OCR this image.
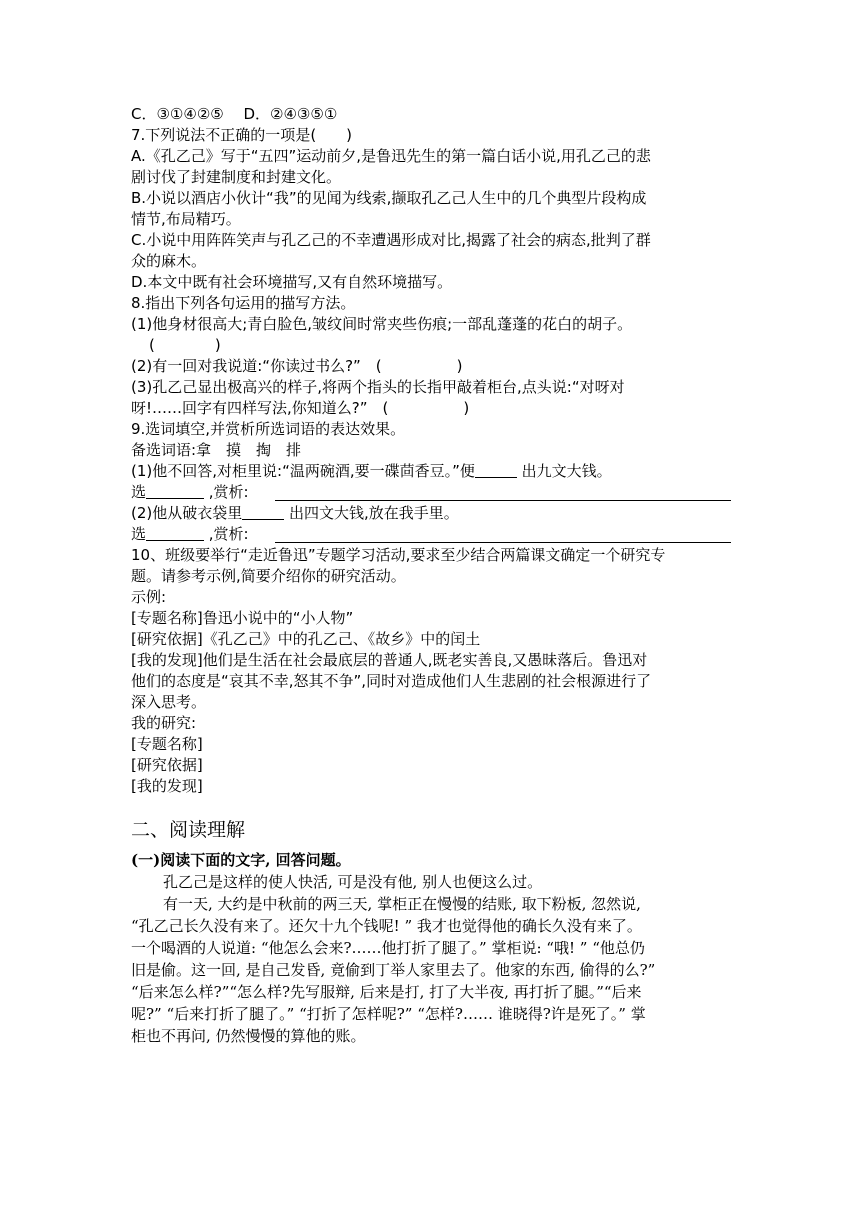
C．③①④②⑤　 D．②④③⑤①
7.下列说法不正确的一项是(　　)
A.《孔乙己》写于“五四”运动前夕,是鲁迅先生的第一篇白话小说,用孔乙己的悲
剧讨伐了封建制度和封建文化。
B.小说以酒店小伙计“我”的见闻为线索,撷取孔乙己人生中的几个典型片段构成
情节,布局精巧。
C.小说中用阵阵笑声与孔乙己的不幸遭遇形成对比,揭露了社会的病态,批判了群
众的麻木。
D.本文中既有社会环境描写,又有自然环境描写。
8.指出下列各句运用的描写方法。
(1)他身材很高大;青白脸色,皱纹间时常夹些伤痕;一部乱蓬蓬的花白的胡子。
(　　　　)
(2)有一回对我说道:“你读过书么?”　(　　　　　)
(3)孔乙己显出极高兴的样子,将两个指头的长指甲敲着柜台,点头说:“对呀对
呀!……回字有四样写法,你知道么?”　(　　　　　)
9.选词填空,并赏析所选词语的表达效果。
备选词语:拿　摸　掏　排
(1)他不回答,对柜里说:“温两碗酒,要一碟茴香豆。”便	出九文大钱。
选	,赏析:
(2)他从破衣袋里	出四文大钱,放在我手里。
选	,赏析:
10、班级要举行“走近鲁迅”专题学习活动,要求至少结合两篇课文确定一个研究专
题。请参考示例,简要介绍你的研究活动。
示例:
[专题名称]鲁迅小说中的“小人物”
[研究依据]《孔乙己》中的孔乙己、《故乡》中的闰土
[我的发现]他们是生活在社会最底层的普通人,既老实善良,又愚昧落后。鲁迅对
他们的态度是“哀其不幸,怒其不争”,同时对造成他们人生悲剧的社会根源进行了
深入思考。
我的研究:
[专题名称]
[研究依据]
[我的发现]
二、阅读理解
(一)阅读下面的文字, 回答问题。
孔乙己是这样的使人快活, 可是没有他, 别人也便这么过。
有一天, 大约是中秋前的两三天, 掌柜正在慢慢的结账, 取下粉板, 忽然说,
“孔乙己长久没有来了。还欠十九个钱呢! ” 我才也觉得他的确长久没有来了。
一个喝酒的人说道: “他怎么会来?……他打折了腿了。” 掌柜说: “哦! ” “他总仍
旧是偷。这一回, 是自己发昏, 竟偷到丁举人家里去了。他家的东西, 偷得的么?”
“后来怎么样?”“怎么样?先写服辩, 后来是打, 打了大半夜, 再打折了腿。”“后来
呢?” “后来打折了腿了。” “打折了怎样呢?” “怎样?…… 谁晓得?许是死了。” 掌
柜也不再问, 仍然慢慢的算他的账。
